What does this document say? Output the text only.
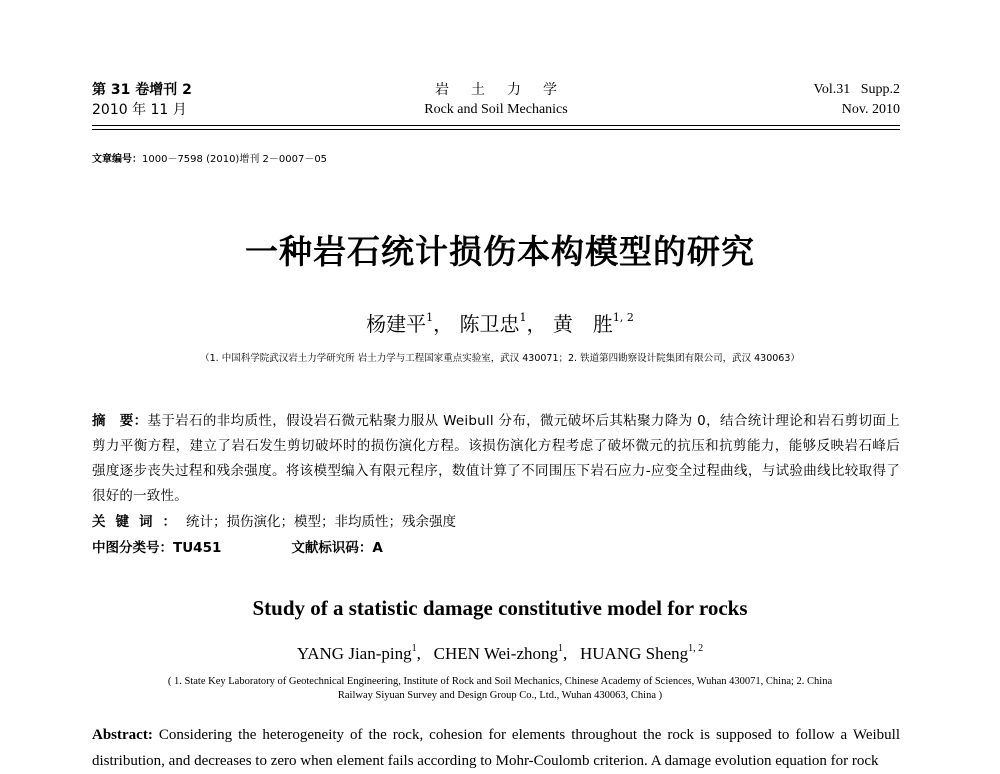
第 31 卷增刊 2
2010 年 11 月
岩土力学
Rock and Soil Mechanics
Vol.31   Supp.2
Nov. 2010
文章编号：1000－7598 (2010)增刊 2－0007－05
一种岩石统计损伤本构模型的研究
杨建平$^1$， 陈卫忠$^1$， 黄　胜$^{1, 2}$
（1. 中国科学院武汉岩土力学研究所 岩土力学与工程国家重点实验室，武汉 430071；2. 铁道第四勘察设计院集团有限公司，武汉 430063）
摘　要：基于岩石的非均质性，假设岩石微元粘聚力服从 Weibull 分布，微元破坏后其粘聚力降为 0，结合统计理论和岩石剪切面上剪力平衡方程，建立了岩石发生剪切破坏时的损伤演化方程。该损伤演化方程考虑了破坏微元的抗压和抗剪能力，能够反映岩石峰后强度逐步丧失过程和残余强度。将该模型编入有限元程序，数值计算了不同围压下岩石应力-应变全过程曲线，与试验曲线比较取得了很好的一致性。
关键词：统计；损伤演化；模型；非均质性；残余强度
中图分类号：TU451	文献标识码：A
Study of a statistic damage constitutive model for rocks
YANG Jian-ping$^1$,   CHEN Wei-zhong$^1$,   HUANG Sheng$^{1, 2}$
( 1. State Key Laboratory of Geotechnical Engineering, Institute of Rock and Soil Mechanics, Chinese Academy of Sciences, Wuhan 430071, China; 2. China
Railway Siyuan Survey and Design Group Co., Ltd., Wuhan 430063, China )
Abstract: Considering the heterogeneity of the rock, cohesion for elements throughout the rock is supposed to follow a Weibull distribution, and decreases to zero when element fails according to Mohr-Coulomb criterion. A damage evolution equation for rock
